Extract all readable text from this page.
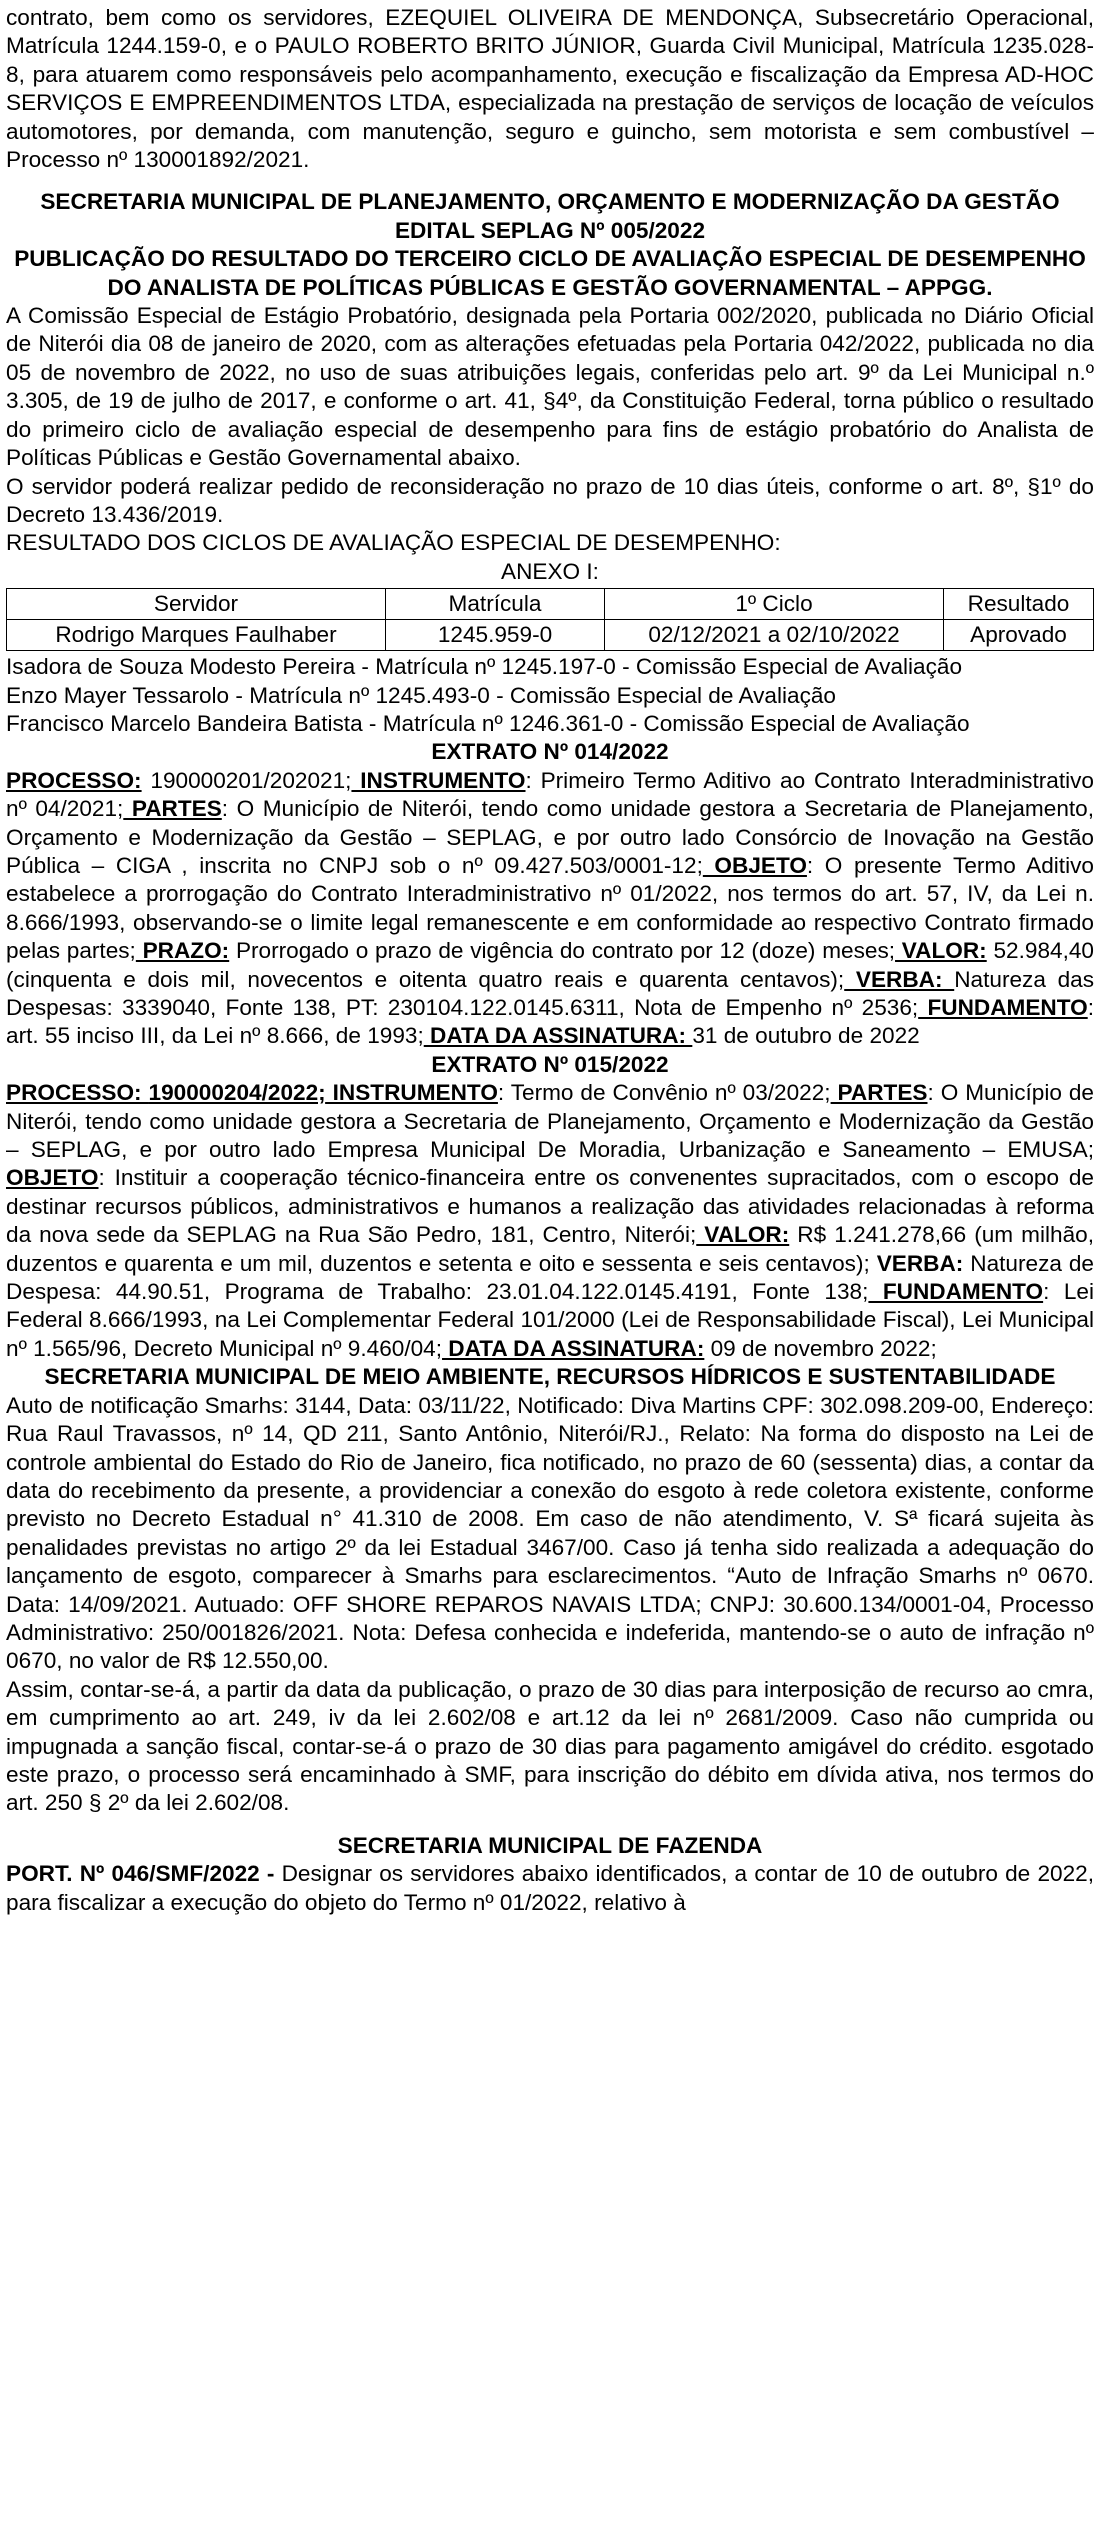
contrato, bem como os servidores, EZEQUIEL OLIVEIRA DE MENDONÇA, Subsecretário Operacional, Matrícula 1244.159-0, e o PAULO ROBERTO BRITO JÚNIOR, Guarda Civil Municipal, Matrícula 1235.028-8, para atuarem como responsáveis pelo acompanhamento, execução e fiscalização da Empresa AD-HOC SERVIÇOS E EMPREENDIMENTOS LTDA, especializada na prestação de serviços de locação de veículos automotores, por demanda, com manutenção, seguro e guincho, sem motorista e sem combustível – Processo nº 130001892/2021.

SECRETARIA MUNICIPAL DE PLANEJAMENTO, ORÇAMENTO E MODERNIZAÇÃO DA GESTÃO
EDITAL SEPLAG Nº 005/2022
PUBLICAÇÃO DO RESULTADO DO TERCEIRO CICLO DE AVALIAÇÃO ESPECIAL DE DESEMPENHO DO ANALISTA DE POLÍTICAS PÚBLICAS E GESTÃO GOVERNAMENTAL – APPGG.

A Comissão Especial de Estágio Probatório, designada pela Portaria 002/2020, publicada no Diário Oficial de Niterói dia 08 de janeiro de 2020, com as alterações efetuadas pela Portaria 042/2022, publicada no dia 05 de novembro de 2022, no uso de suas atribuições legais, conferidas pelo art. 9º da Lei Municipal n.º 3.305, de 19 de julho de 2017, e conforme o art. 41, §4º, da Constituição Federal, torna público o resultado do primeiro ciclo de avaliação especial de desempenho para fins de estágio probatório do Analista de Políticas Públicas e Gestão Governamental abaixo.

O servidor poderá realizar pedido de reconsideração no prazo de 10 dias úteis, conforme o art. 8º, §1º do Decreto 13.436/2019.

RESULTADO DOS CICLOS DE AVALIAÇÃO ESPECIAL DE DESEMPENHO:

ANEXO I:

Servidor	Matrícula	1º Ciclo	Resultado
Rodrigo Marques Faulhaber	1245.959-0	02/12/2021 a 02/10/2022	Aprovado

Isadora de Souza Modesto Pereira - Matrícula nº 1245.197-0 - Comissão Especial de Avaliação

Enzo Mayer Tessarolo - Matrícula nº 1245.493-0 - Comissão Especial de Avaliação

Francisco Marcelo Bandeira Batista - Matrícula nº 1246.361-0 - Comissão Especial de Avaliação

EXTRATO Nº 014/2022

PROCESSO: 190000201/202021; INSTRUMENTO: Primeiro Termo Aditivo ao Contrato Interadministrativo nº 04/2021; PARTES: O Município de Niterói, tendo como unidade gestora a Secretaria de Planejamento, Orçamento e Modernização da Gestão – SEPLAG, e por outro lado Consórcio de Inovação na Gestão Pública – CIGA , inscrita no CNPJ sob o nº 09.427.503/0001-12; OBJETO: O presente Termo Aditivo estabelece a prorrogação do Contrato Interadministrativo nº 01/2022, nos termos do art. 57, IV, da Lei n. 8.666/1993, observando-se o limite legal remanescente e em conformidade ao respectivo Contrato firmado pelas partes; PRAZO: Prorrogado o prazo de vigência do contrato por 12 (doze) meses; VALOR: 52.984,40 (cinquenta e dois mil, novecentos e oitenta quatro reais e quarenta centavos); VERBA: Natureza das Despesas: 3339040, Fonte 138, PT: 230104.122.0145.6311, Nota de Empenho nº 2536; FUNDAMENTO: art. 55 inciso III, da Lei nº 8.666, de 1993; DATA DA ASSINATURA: 31 de outubro de 2022

EXTRATO Nº 015/2022

PROCESSO: 190000204/2022; INSTRUMENTO: Termo de Convênio nº 03/2022; PARTES: O Município de Niterói, tendo como unidade gestora a Secretaria de Planejamento, Orçamento e Modernização da Gestão – SEPLAG, e por outro lado Empresa Municipal De Moradia, Urbanização e Saneamento – EMUSA; OBJETO: Instituir a cooperação técnico-financeira entre os convenentes supracitados, com o escopo de destinar recursos públicos, administrativos e humanos a realização das atividades relacionadas à reforma da nova sede da SEPLAG na Rua São Pedro, 181, Centro, Niterói; VALOR: R$ 1.241.278,66 (um milhão, duzentos e quarenta e um mil, duzentos e setenta e oito e sessenta e seis centavos); VERBA: Natureza de Despesa: 44.90.51, Programa de Trabalho: 23.01.04.122.0145.4191, Fonte 138; FUNDAMENTO: Lei Federal 8.666/1993, na Lei Complementar Federal 101/2000 (Lei de Responsabilidade Fiscal), Lei Municipal nº 1.565/96, Decreto Municipal nº 9.460/04; DATA DA ASSINATURA: 09 de novembro 2022;

SECRETARIA MUNICIPAL DE MEIO AMBIENTE, RECURSOS HÍDRICOS E SUSTENTABILIDADE

Auto de notificação Smarhs: 3144, Data: 03/11/22, Notificado: Diva Martins CPF: 302.098.209-00, Endereço: Rua Raul Travassos, nº 14, QD 211, Santo Antônio, Niterói/RJ., Relato: Na forma do disposto na Lei de controle ambiental do Estado do Rio de Janeiro, fica notificado, no prazo de 60 (sessenta) dias, a contar da data do recebimento da presente, a providenciar a conexão do esgoto à rede coletora existente, conforme previsto no Decreto Estadual n° 41.310 de 2008. Em caso de não atendimento, V. Sª ficará sujeita às penalidades previstas no artigo 2º da lei Estadual 3467/00. Caso já tenha sido realizada a adequação do lançamento de esgoto, comparecer à Smarhs para esclarecimentos. “Auto de Infração Smarhs nº 0670. Data: 14/09/2021. Autuado: OFF SHORE REPAROS NAVAIS LTDA; CNPJ: 30.600.134/0001-04, Processo Administrativo: 250/001826/2021. Nota: Defesa conhecida e indeferida, mantendo-se o auto de infração nº 0670, no valor de R$ 12.550,00.

Assim, contar-se-á, a partir da data da publicação, o prazo de 30 dias para interposição de recurso ao cmra, em cumprimento ao art. 249, iv da lei 2.602/08 e art.12 da lei nº 2681/2009. Caso não cumprida ou impugnada a sanção fiscal, contar-se-á o prazo de 30 dias para pagamento amigável do crédito. esgotado este prazo, o processo será encaminhado à SMF, para inscrição do débito em dívida ativa, nos termos do art. 250 § 2º da lei 2.602/08.

SECRETARIA MUNICIPAL DE FAZENDA

PORT. Nº 046/SMF/2022 - Designar os servidores abaixo identificados, a contar de 10 de outubro de 2022, para fiscalizar a execução do objeto do Termo nº 01/2022, relativo à
